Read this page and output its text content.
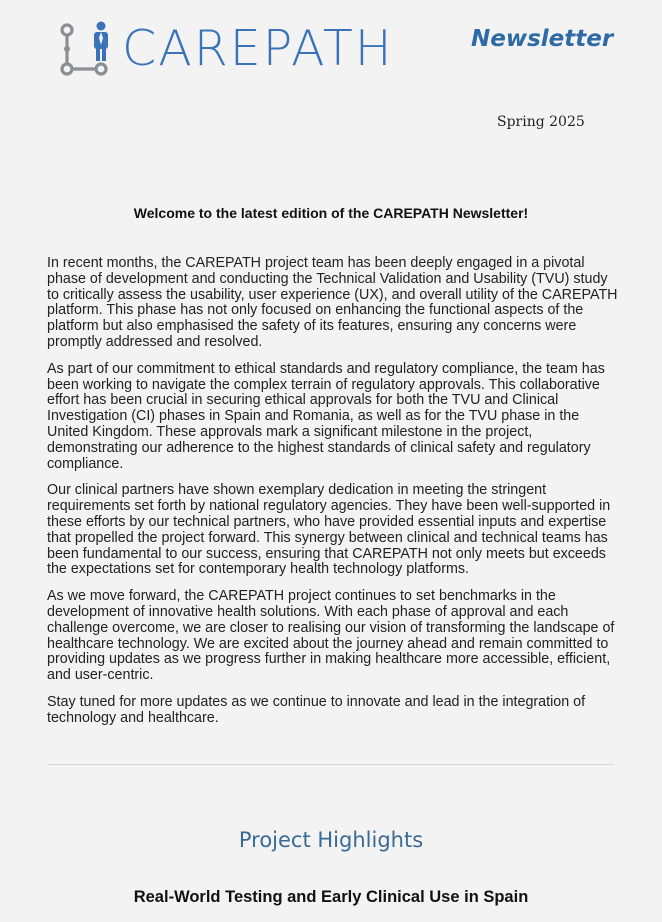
CAREPATH	Newsletter
Spring 2025
Welcome to the latest edition of the CAREPATH Newsletter!

In recent months, the CAREPATH project team has been deeply engaged in a pivotal phase of development and conducting the Technical Validation and Usability (TVU) study to critically assess the usability, user experience (UX), and overall utility of the CAREPATH platform. This phase has not only focused on enhancing the functional aspects of the platform but also emphasised the safety of its features, ensuring any concerns were promptly addressed and resolved.

As part of our commitment to ethical standards and regulatory compliance, the team has been working to navigate the complex terrain of regulatory approvals. This collaborative effort has been crucial in securing ethical approvals for both the TVU and Clinical Investigation (CI) phases in Spain and Romania, as well as for the TVU phase in the United Kingdom. These approvals mark a significant milestone in the project, demonstrating our adherence to the highest standards of clinical safety and regulatory compliance.

Our clinical partners have shown exemplary dedication in meeting the stringent requirements set forth by national regulatory agencies. They have been well-supported in these efforts by our technical partners, who have provided essential inputs and expertise that propelled the project forward. This synergy between clinical and technical teams has been fundamental to our success, ensuring that CAREPATH not only meets but exceeds the expectations set for contemporary health technology platforms.

As we move forward, the CAREPATH project continues to set benchmarks in the development of innovative health solutions. With each phase of approval and each challenge overcome, we are closer to realising our vision of transforming the landscape of healthcare technology. We are excited about the journey ahead and remain committed to providing updates as we progress further in making healthcare more accessible, efficient, and user-centric.

Stay tuned for more updates as we continue to innovate and lead in the integration of technology and healthcare.

Project Highlights
Real-World Testing and Early Clinical Use in Spain
